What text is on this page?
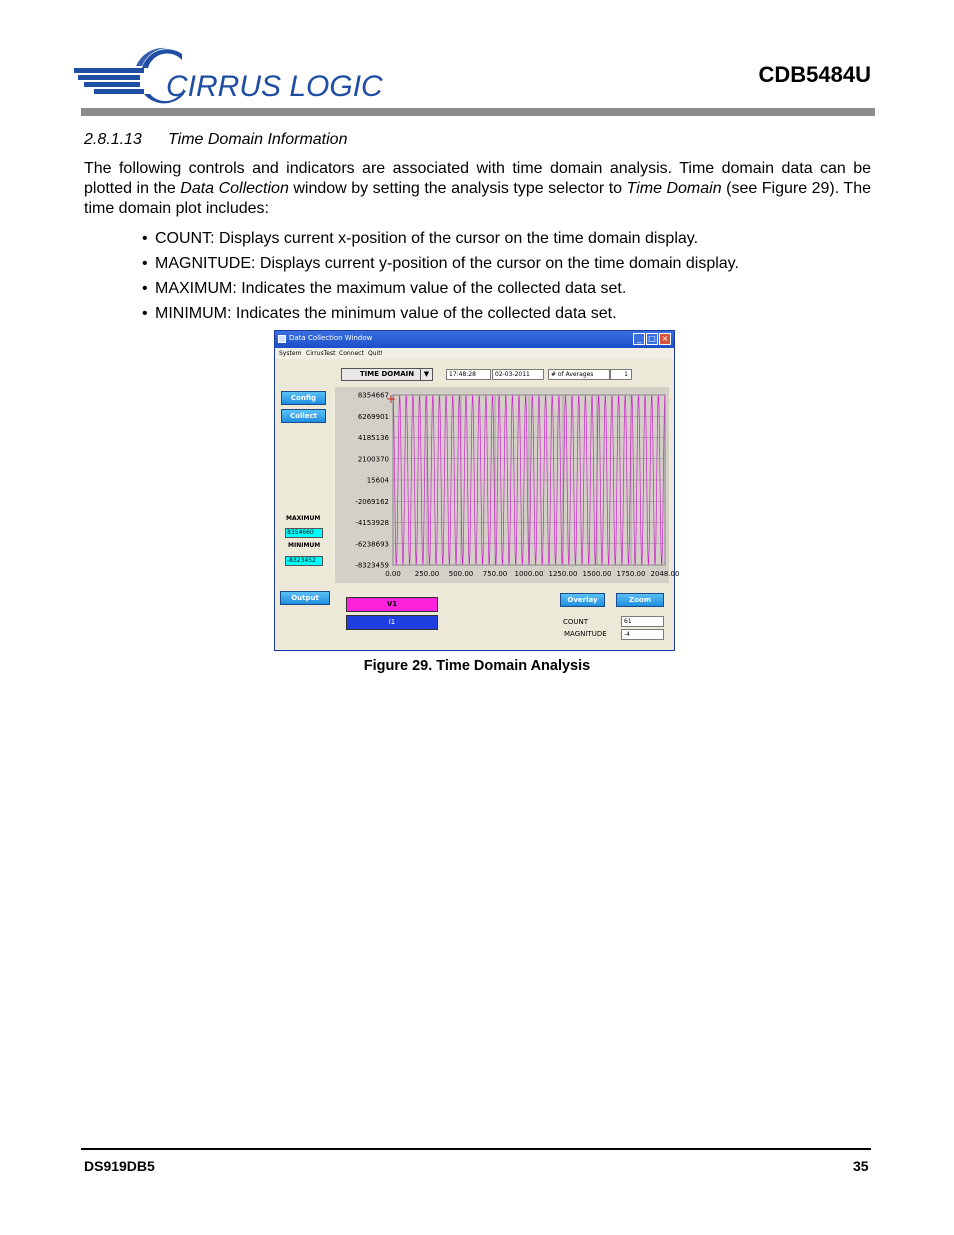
CIRRUS LOGIC	CDB5484U
2.8.1.13 Time Domain Information
The following controls and indicators are associated with time domain analysis. Time domain data can be plotted in the Data Collection window by setting the analysis type selector to Time Domain (see Figure 29). The time domain plot includes:
• COUNT: Displays current x-position of the cursor on the time domain display.
• MAGNITUDE: Displays current y-position of the cursor on the time domain display.
• MAXIMUM: Indicates the maximum value of the collected data set.
• MINIMUM: Indicates the minimum value of the collected data set.
Data Collection Window	_ □ ×
System CirrusTest Connect Quit!
TIME DOMAIN	▼	17:48:28	02-03-2011	# of Averages	1
Config
Collect
MAXIMUM
8354660
MINIMUM
-8323452
8354667
6269901
4185136
2100370
15604
-2069162
-4153928
-6238693
-8323459
0.00 250.00 500.00 750.00 1000.00 1250.00 1500.00 1750.00 2048.00
Output
V1
I1
Overlay	Zoom
COUNT	61
MAGNITUDE	-4
Figure 29. Time Domain Analysis
DS919DB5	35
